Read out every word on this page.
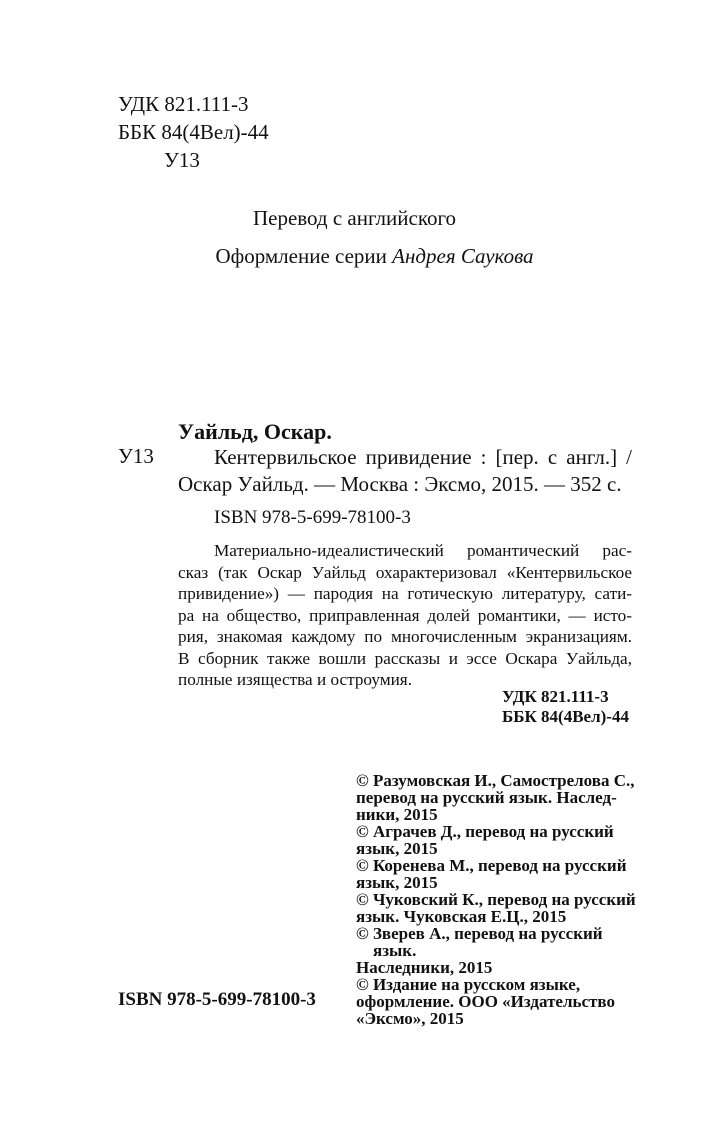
УДК 821.111-3
ББК 84(4Вел)-44
У13
Перевод с английского
Оформление серии Андрея Саукова
Уайльд, Оскар.
У13	Кентервильское привидение : [пер. с англ.] /
Оскар Уайльд. — Москва : Эксмо, 2015. — 352 с.
ISBN 978-5-699-78100-3
Материально-идеалистический романтический рас-
сказ (так Оскар Уайльд охарактеризовал «Кентервильское
привидение») — пародия на готическую литературу, сати-
ра на общество, приправленная долей романтики, — исто-
рия, знакомая каждому по многочисленным экранизациям.
В сборник также вошли рассказы и эссе Оскара Уайльда,
полные изящества и остроумия.
УДК 821.111-3
ББК 84(4Вел)-44
© Разумовская И., Самострелова С.,
перевод на русский язык. Наслед-
ники, 2015
© Аграчев Д., перевод на русский
язык, 2015
© Коренева М., перевод на русский
язык, 2015
© Чуковский К., перевод на русский
язык. Чуковская Е.Ц., 2015
© Зверев А., перевод на русский язык.
Наследники, 2015
© Издание на русском языке,
оформление. ООО «Издательство
«Эксмо», 2015
ISBN 978-5-699-78100-3
